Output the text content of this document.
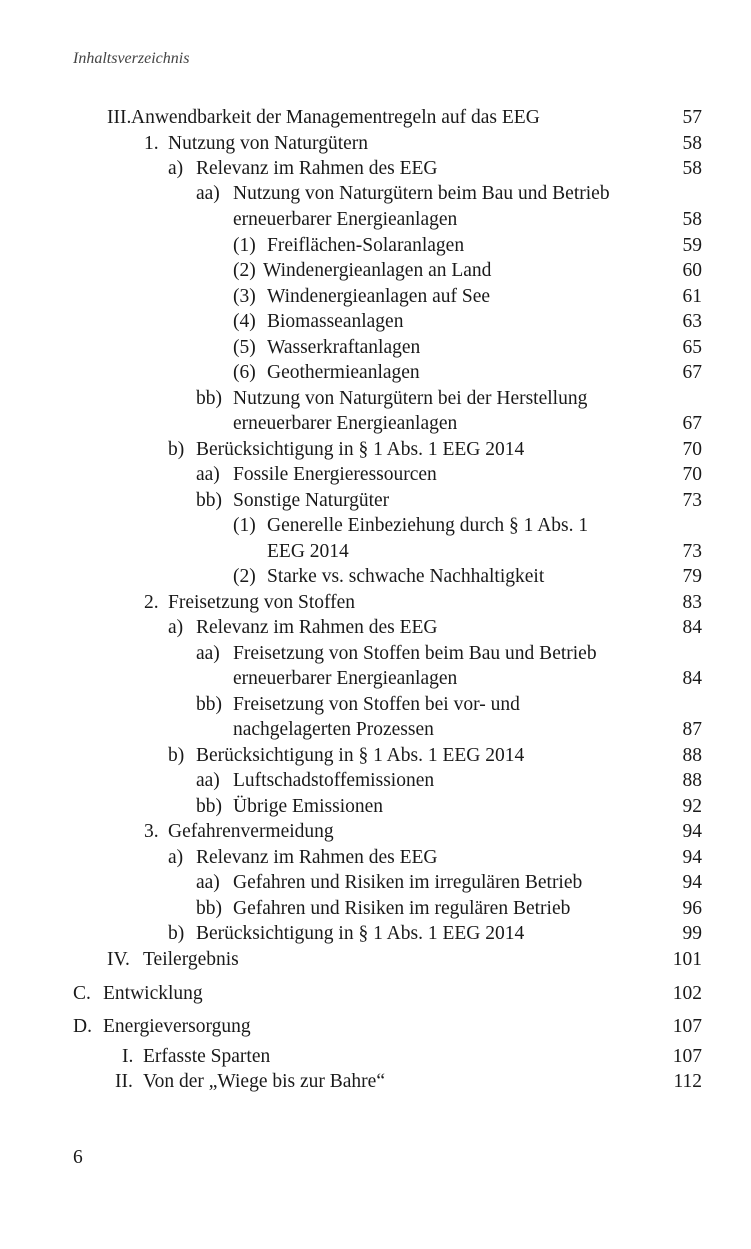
Inhaltsverzeichnis
III. Anwendbarkeit der Managementregeln auf das EEG	57
1. Nutzung von Naturgütern	58
a) Relevanz im Rahmen des EEG	58
aa) Nutzung von Naturgütern beim Bau und Betrieb
erneuerbarer Energieanlagen	58
(1) Freiflächen-Solaranlagen	59
(2) Windenergieanlagen an Land	60
(3) Windenergieanlagen auf See	61
(4) Biomasseanlagen	63
(5) Wasserkraftanlagen	65
(6) Geothermieanlagen	67
bb) Nutzung von Naturgütern bei der Herstellung
erneuerbarer Energieanlagen	67
b) Berücksichtigung in § 1 Abs. 1 EEG 2014	70
aa) Fossile Energieressourcen	70
bb) Sonstige Naturgüter	73
(1) Generelle Einbeziehung durch § 1 Abs. 1
EEG 2014	73
(2) Starke vs. schwache Nachhaltigkeit	79
2. Freisetzung von Stoffen	83
a) Relevanz im Rahmen des EEG	84
aa) Freisetzung von Stoffen beim Bau und Betrieb
erneuerbarer Energieanlagen	84
bb) Freisetzung von Stoffen bei vor- und
nachgelagerten Prozessen	87
b) Berücksichtigung in § 1 Abs. 1 EEG 2014	88
aa) Luftschadstoffemissionen	88
bb) Übrige Emissionen	92
3. Gefahrenvermeidung	94
a) Relevanz im Rahmen des EEG	94
aa) Gefahren und Risiken im irregulären Betrieb	94
bb) Gefahren und Risiken im regulären Betrieb	96
b) Berücksichtigung in § 1 Abs. 1 EEG 2014	99
IV. Teilergebnis	101
C. Entwicklung	102
D. Energieversorgung	107
I. Erfasste Sparten	107
II. Von der „Wiege bis zur Bahre“	112
6
